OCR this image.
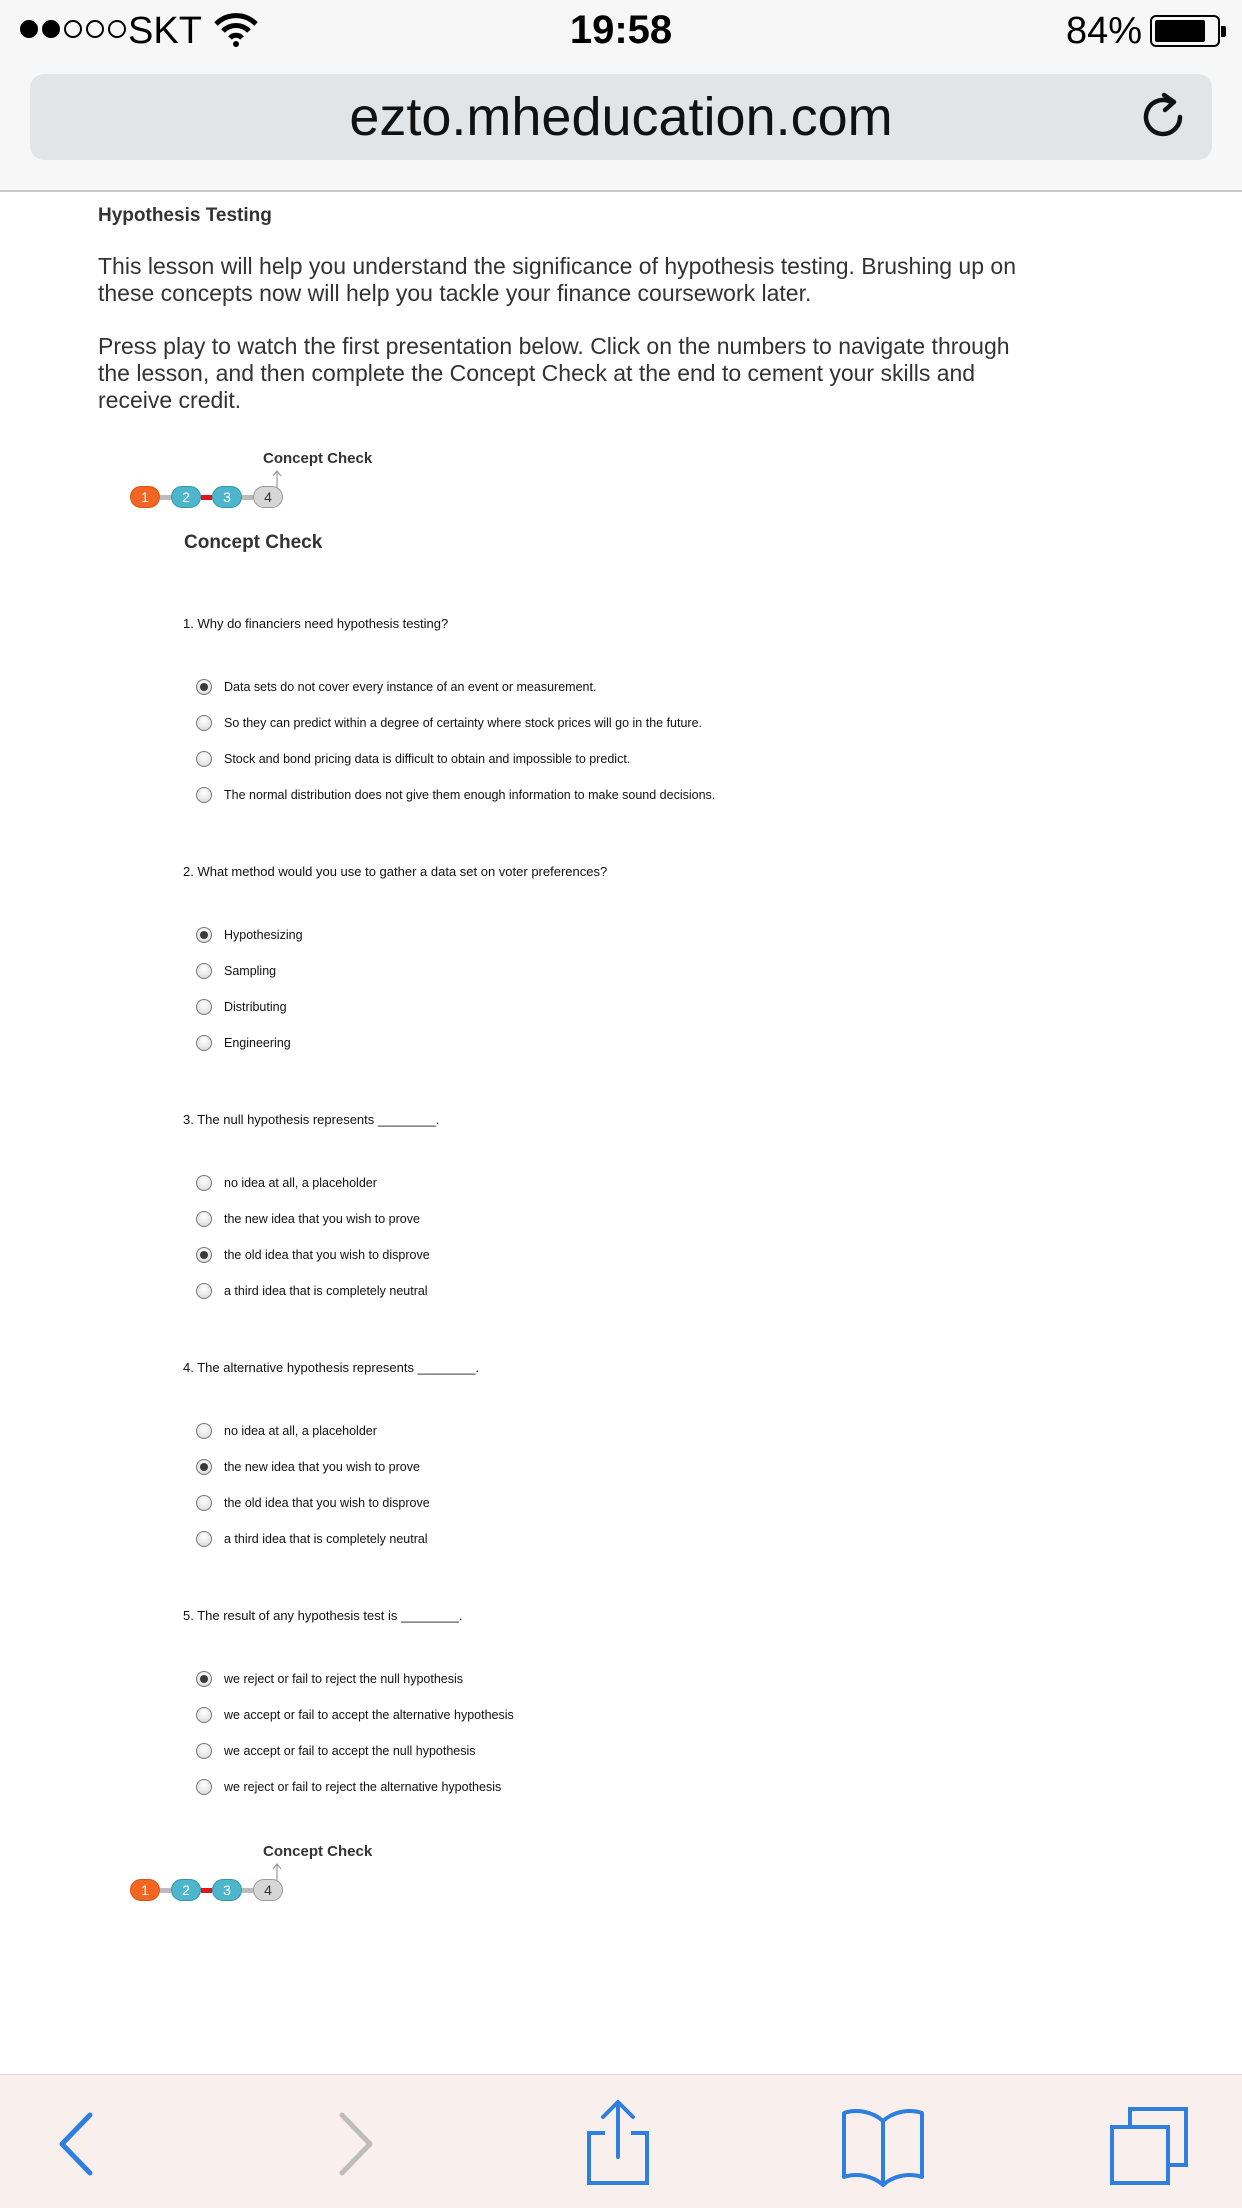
SKT	19:58	84%
ezto.mheducation.com
Hypothesis Testing

This lesson will help you understand the significance of hypothesis testing. Brushing up on these concepts now will help you tackle your finance coursework later.

Press play to watch the first presentation below. Click on the numbers to navigate through the lesson, and then complete the Concept Check at the end to cement your skills and receive credit.

Concept Check
1	2	3	4
Concept Check
1. Why do financiers need hypothesis testing?
Data sets do not cover every instance of an event or measurement.
So they can predict within a degree of certainty where stock prices will go in the future.
Stock and bond pricing data is difficult to obtain and impossible to predict.
The normal distribution does not give them enough information to make sound decisions.
2. What method would you use to gather a data set on voter preferences?
Hypothesizing
Sampling
Distributing
Engineering
3. The null hypothesis represents ________.
no idea at all, a placeholder
the new idea that you wish to prove
the old idea that you wish to disprove
a third idea that is completely neutral
4. The alternative hypothesis represents ________.
no idea at all, a placeholder
the new idea that you wish to prove
the old idea that you wish to disprove
a third idea that is completely neutral
5. The result of any hypothesis test is ________.
we reject or fail to reject the null hypothesis
we accept or fail to accept the alternative hypothesis
we accept or fail to accept the null hypothesis
we reject or fail to reject the alternative hypothesis
Concept Check
1	2	3	4
